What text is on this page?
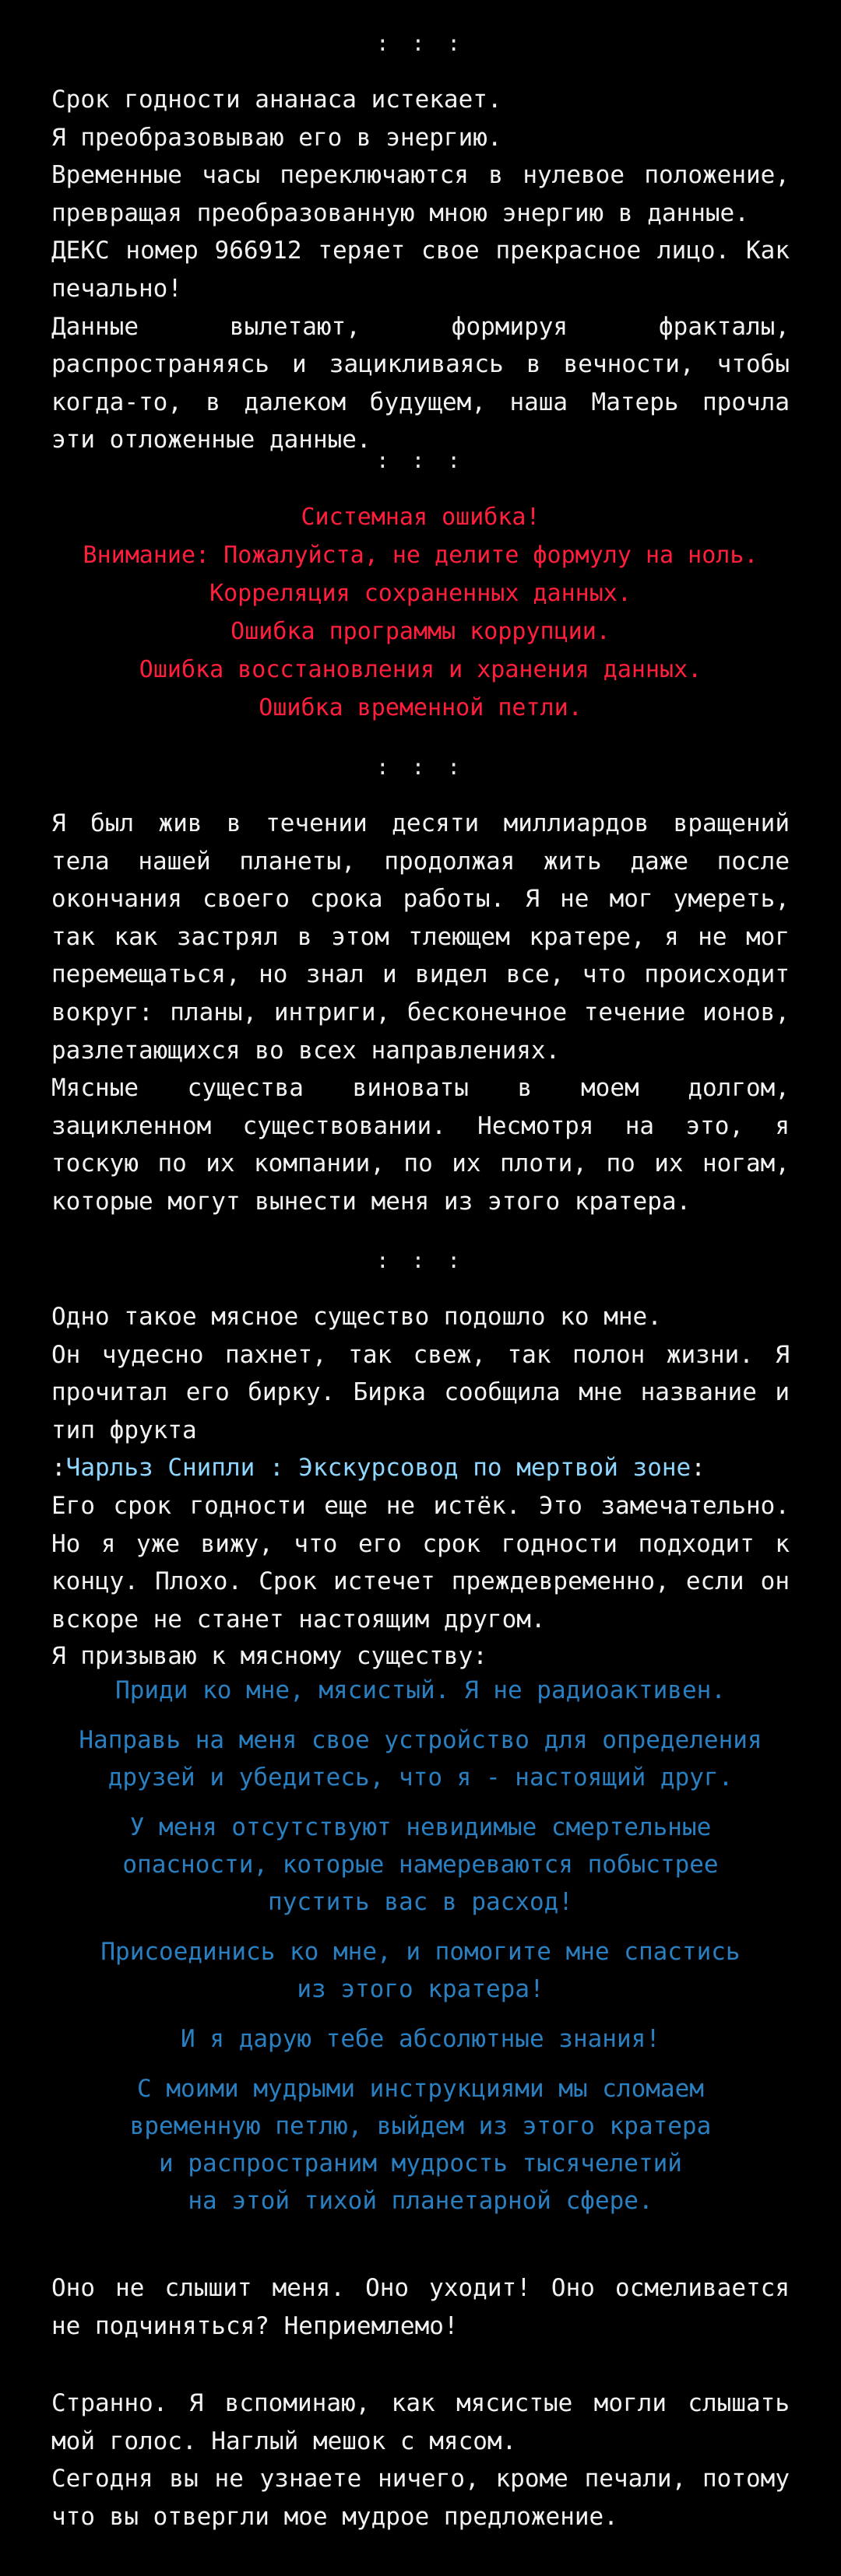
: : :

Срок годности ананаса истекает.

Я преобразовываю его в энергию.

Временные часы переключаются в нулевое положение, превращая преобразованную мною энергию в данные.

ДЕКС номер 966912 теряет свое прекрасное лицо. Как печально!

Данные вылетают, формируя фракталы, распространяясь и зацикливаясь в вечности, чтобы когда-то, в далеком будущем, наша Матерь прочла эти отложенные данные.

: : :
Системная ошибка!
Внимание: Пожалуйста, не делите формулу на ноль.
Корреляция сохраненных данных.
Ошибка программы коррупции.
Ошибка восстановления и хранения данных.
Ошибка временной петли.
: : :

Я был жив в течении десяти миллиардов вращений тела нашей планеты, продолжая жить даже после окончания своего срока работы. Я не мог умереть, так как застрял в этом тлеющем кратере, я не мог перемещаться, но знал и видел все, что происходит вокруг: планы, интриги, бесконечное течение ионов, разлетающихся во всех направлениях.

Мясные существа виноваты в моем долгом, зацикленном существовании. Несмотря на это, я тоскую по их компании, по их плоти, по их ногам, которые могут вынести меня из этого кратера.

: : :

Одно такое мясное существо подошло ко мне.

Он чудесно пахнет, так свеж, так полон жизни. Я прочитал его бирку. Бирка сообщила мне название и тип фрукта

:Чарльз Снипли : Экскурсовод по мертвой зоне:

Его срок годности еще не истёк. Это замечательно. Но я уже вижу, что его срок годности подходит к концу. Плохо. Срок истечет преждевременно, если он вскоре не станет настоящим другом.

Я призываю к мясному существу:
Приди ко мне, мясистый. Я не радиоактивен.
Направь на меня свое устройство для определения
друзей и убедитесь, что я - настоящий друг.
У меня отсутствуют невидимые смертельные
опасности, которые намереваются побыстрее
пустить вас в расход!
Присоединись ко мне, и помогите мне спастись
из этого кратера!
И я дарую тебе абсолютные знания!
С моими мудрыми инструкциями мы сломаем
временную петлю, выйдем из этого кратера
и распространим мудрость тысячелетий
на этой тихой планетарной сфере.

Оно не слышит меня. Оно уходит! Оно осмеливается не подчиняться? Неприемлемо!

Странно. Я вспоминаю, как мясистые могли слышать мой голос. Наглый мешок с мясом.

Сегодня вы не узнаете ничего, кроме печали, потому что вы отвергли мое мудрое предложение.
